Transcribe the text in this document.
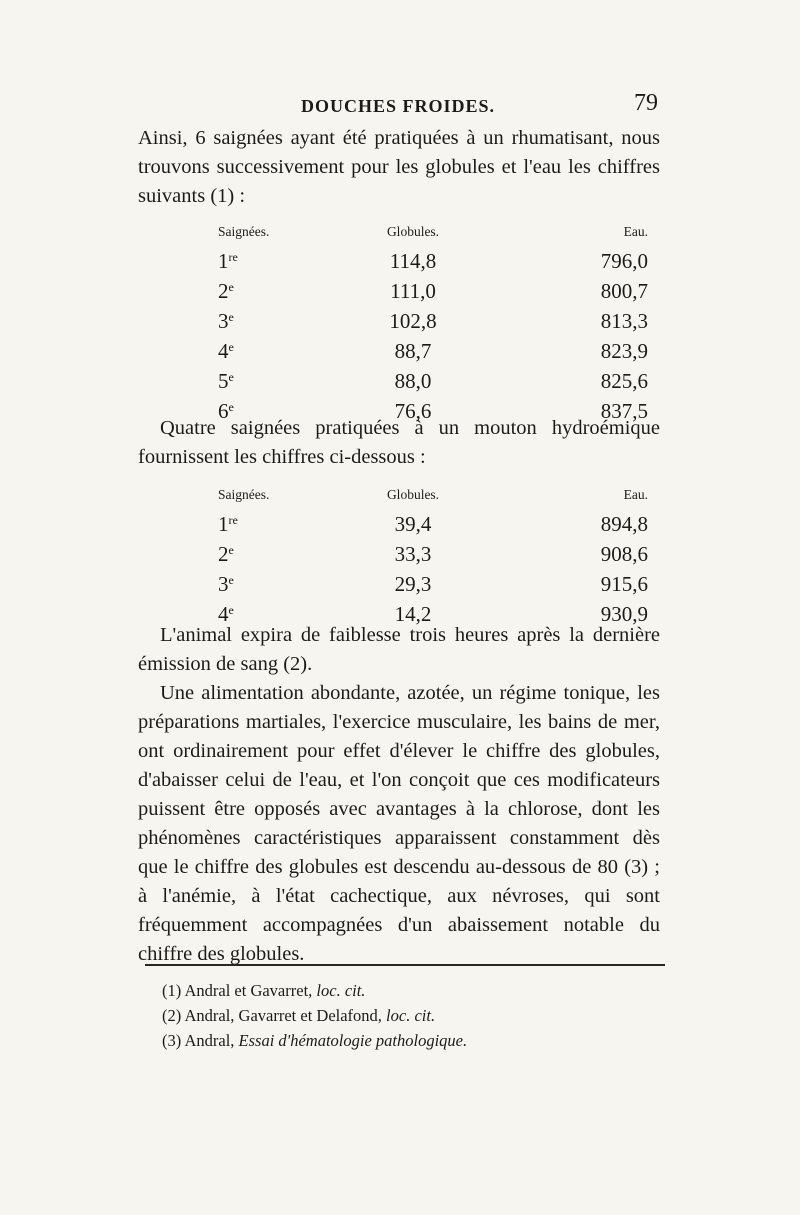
DOUCHES FROIDES.	79

Ainsi, 6 saignées ayant été pratiquées à un rhumatisant, nous trouvons successivement pour les globules et l'eau les chiffres suivants (1) :

Saignées.	Globules.	Eau.
1re	114,8	796,0
2e	111,0	800,7
3e	102,8	813,3
4e	88,7	823,9
5e	88,0	825,6
6e	76,6	837,5

Quatre saignées pratiquées à un mouton hydroémique fournissent les chiffres ci-dessous :

Saignées.	Globules.	Eau.
1re	39,4	894,8
2e	33,3	908,6
3e	29,3	915,6
4e	14,2	930,9

L'animal expira de faiblesse trois heures après la dernière émission de sang (2).

Une alimentation abondante, azotée, un régime tonique, les préparations martiales, l'exercice musculaire, les bains de mer, ont ordinairement pour effet d'élever le chiffre des globules, d'abaisser celui de l'eau, et l'on conçoit que ces modificateurs puissent être opposés avec avantages à la chlorose, dont les phénomènes caractéristiques apparaissent constamment dès que le chiffre des globules est descendu au-dessous de 80 (3) ; à l'anémie, à l'état cachectique, aux névroses, qui sont fréquemment accompagnées d'un abaissement notable du chiffre des globules.

(1) Andral et Gavarret, loc. cit.
(2) Andral, Gavarret et Delafond, loc. cit.
(3) Andral, Essai d'hématologie pathologique.
